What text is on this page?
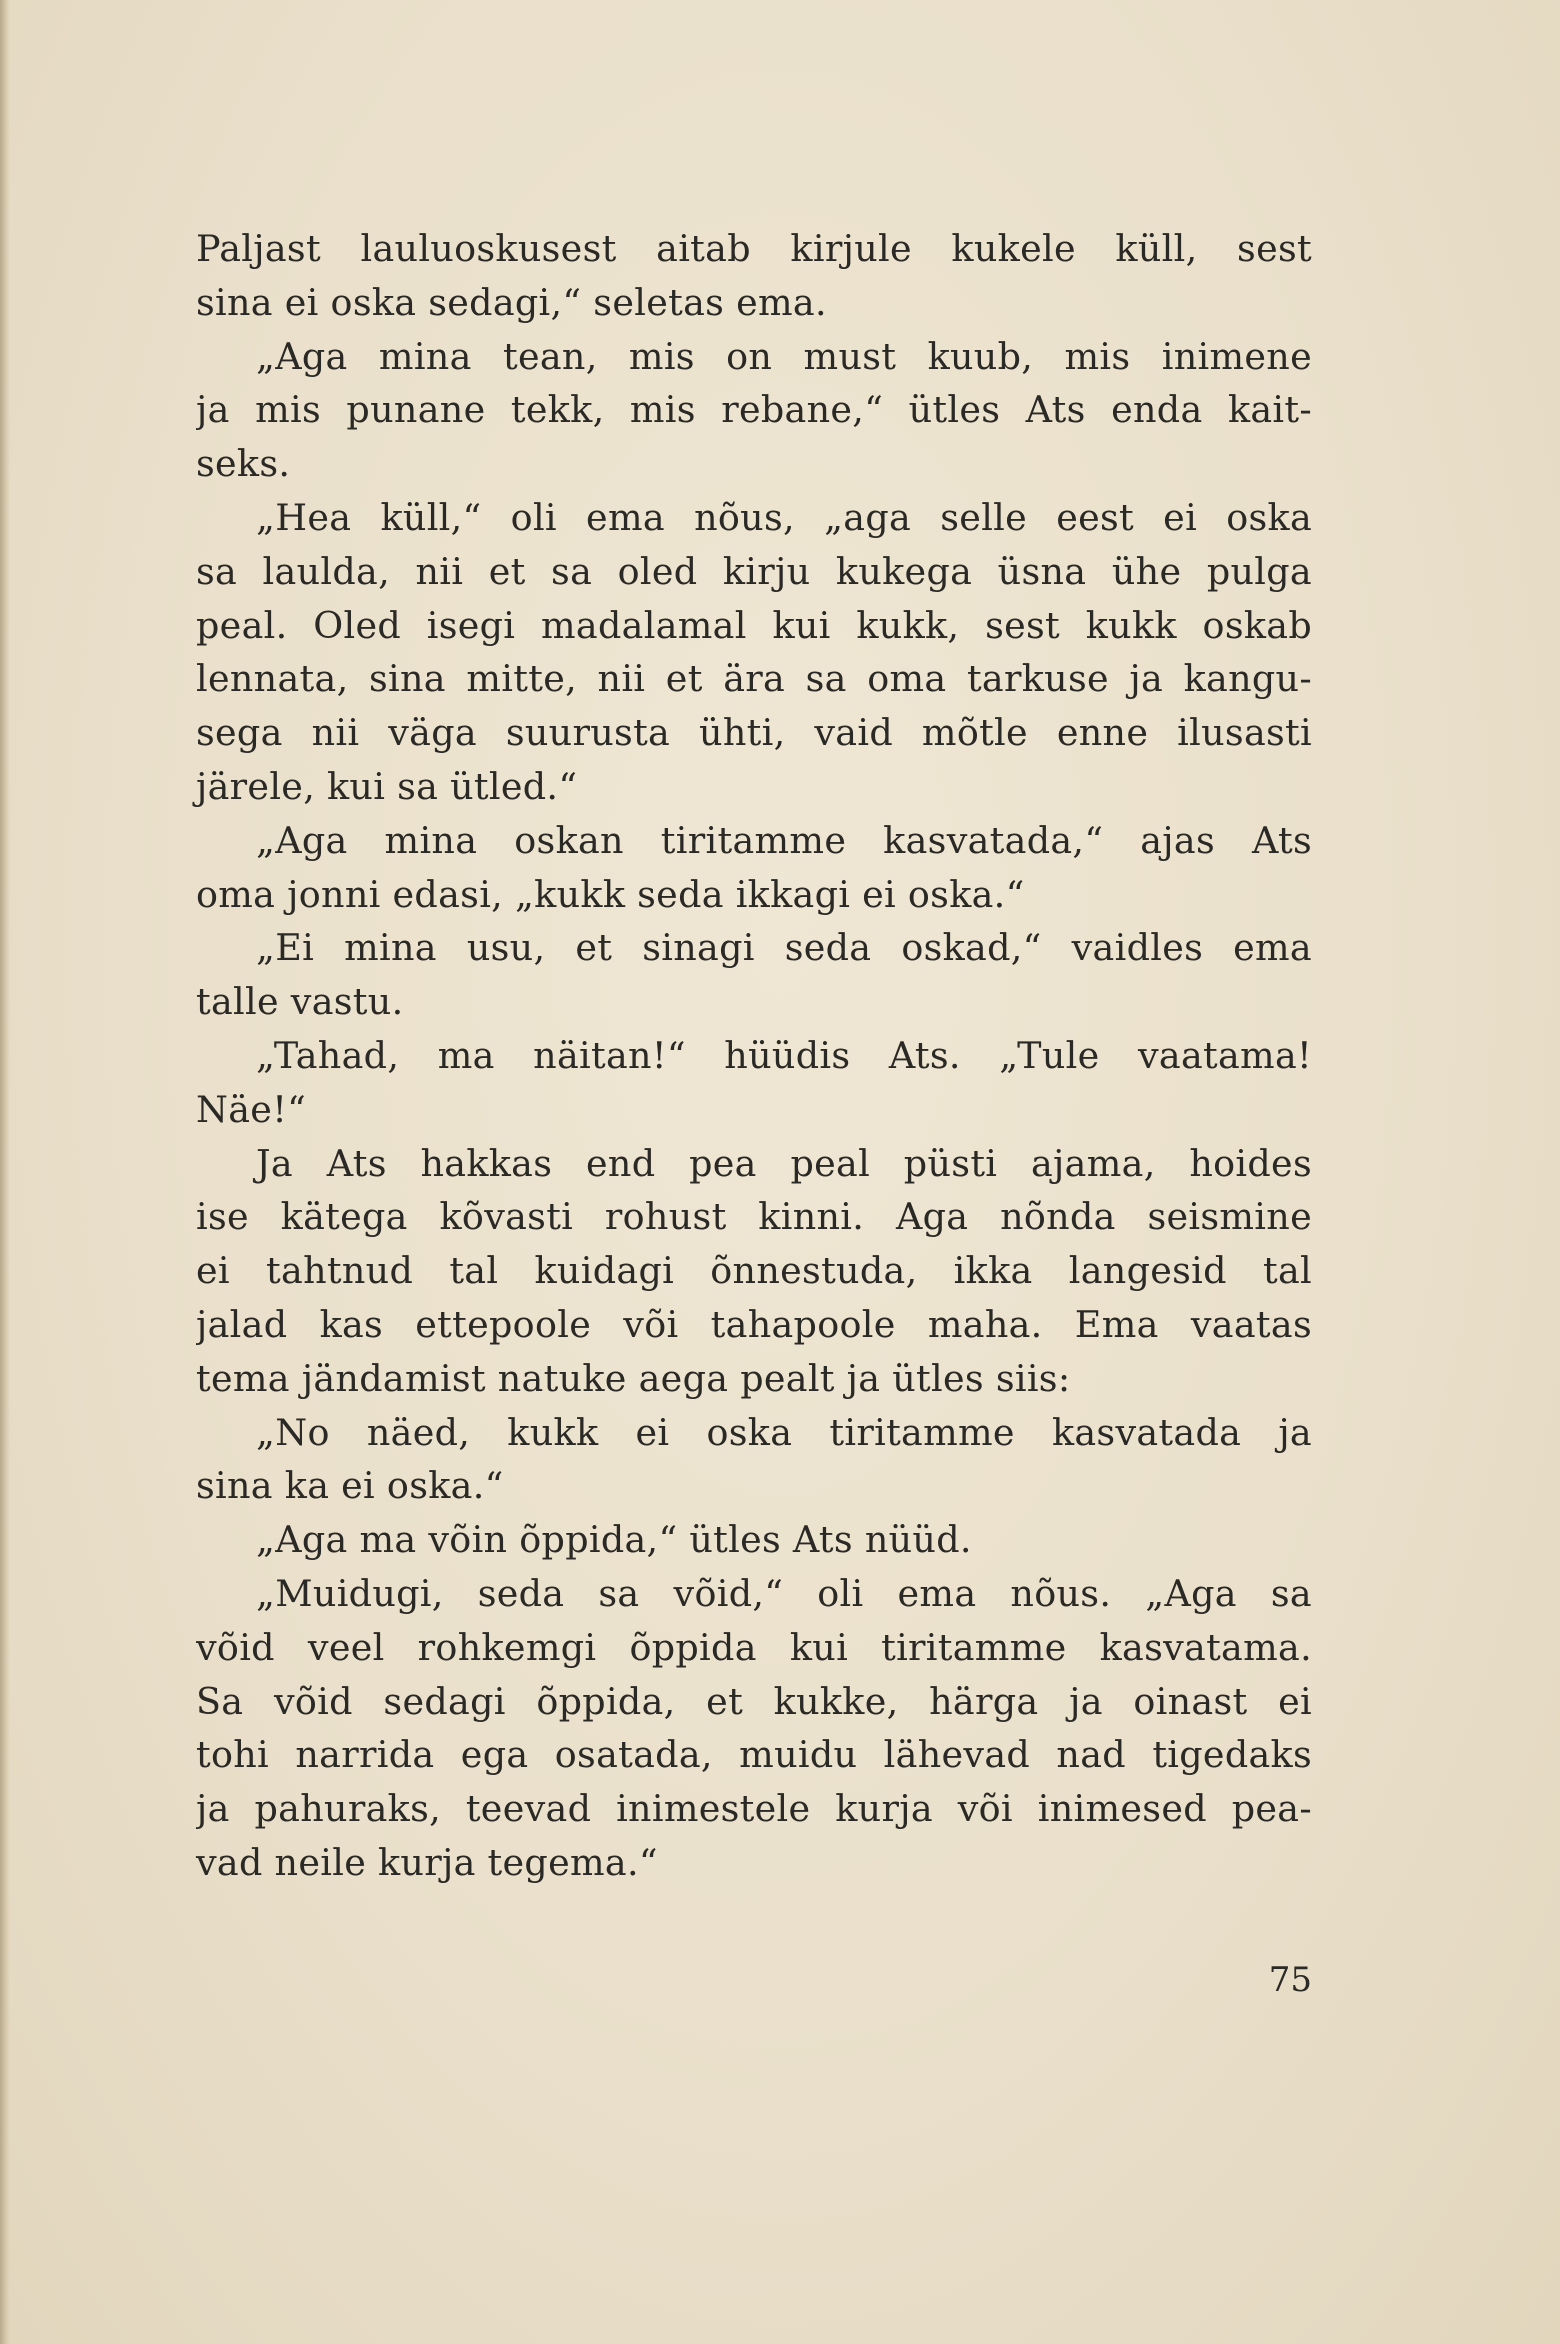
Paljast lauluoskusest aitab kirjule kukele küll, sest
sina ei oska sedagi,“ seletas ema.
„Aga mina tean, mis on must kuub, mis inimene
ja mis punane tekk, mis rebane,“ ütles Ats enda kait-
seks.
„Hea küll,“ oli ema nõus, „aga selle eest ei oska
sa laulda, nii et sa oled kirju kukega üsna ühe pulga
peal. Oled isegi madalamal kui kukk, sest kukk oskab
lennata, sina mitte, nii et ära sa oma tarkuse ja kangu-
sega nii väga suurusta ühti, vaid mõtle enne ilusasti
järele, kui sa ütled.“
„Aga mina oskan tiritamme kasvatada,“ ajas Ats
oma jonni edasi, „kukk seda ikkagi ei oska.“
„Ei mina usu, et sinagi seda oskad,“ vaidles ema
talle vastu.
„Tahad, ma näitan!“ hüüdis Ats. „Tule vaatama!
Näe!“
Ja Ats hakkas end pea peal püsti ajama, hoides
ise kätega kõvasti rohust kinni. Aga nõnda seismine
ei tahtnud tal kuidagi õnnestuda, ikka langesid tal
jalad kas ettepoole või tahapoole maha. Ema vaatas
tema jändamist natuke aega pealt ja ütles siis:
„No näed, kukk ei oska tiritamme kasvatada ja
sina ka ei oska.“
„Aga ma võin õppida,“ ütles Ats nüüd.
„Muidugi, seda sa võid,“ oli ema nõus. „Aga sa
võid veel rohkemgi õppida kui tiritamme kasvatama.
Sa võid sedagi õppida, et kukke, härga ja oinast ei
tohi narrida ega osatada, muidu lähevad nad tigedaks
ja pahuraks, teevad inimestele kurja või inimesed pea-
vad neile kurja tegema.“
75
